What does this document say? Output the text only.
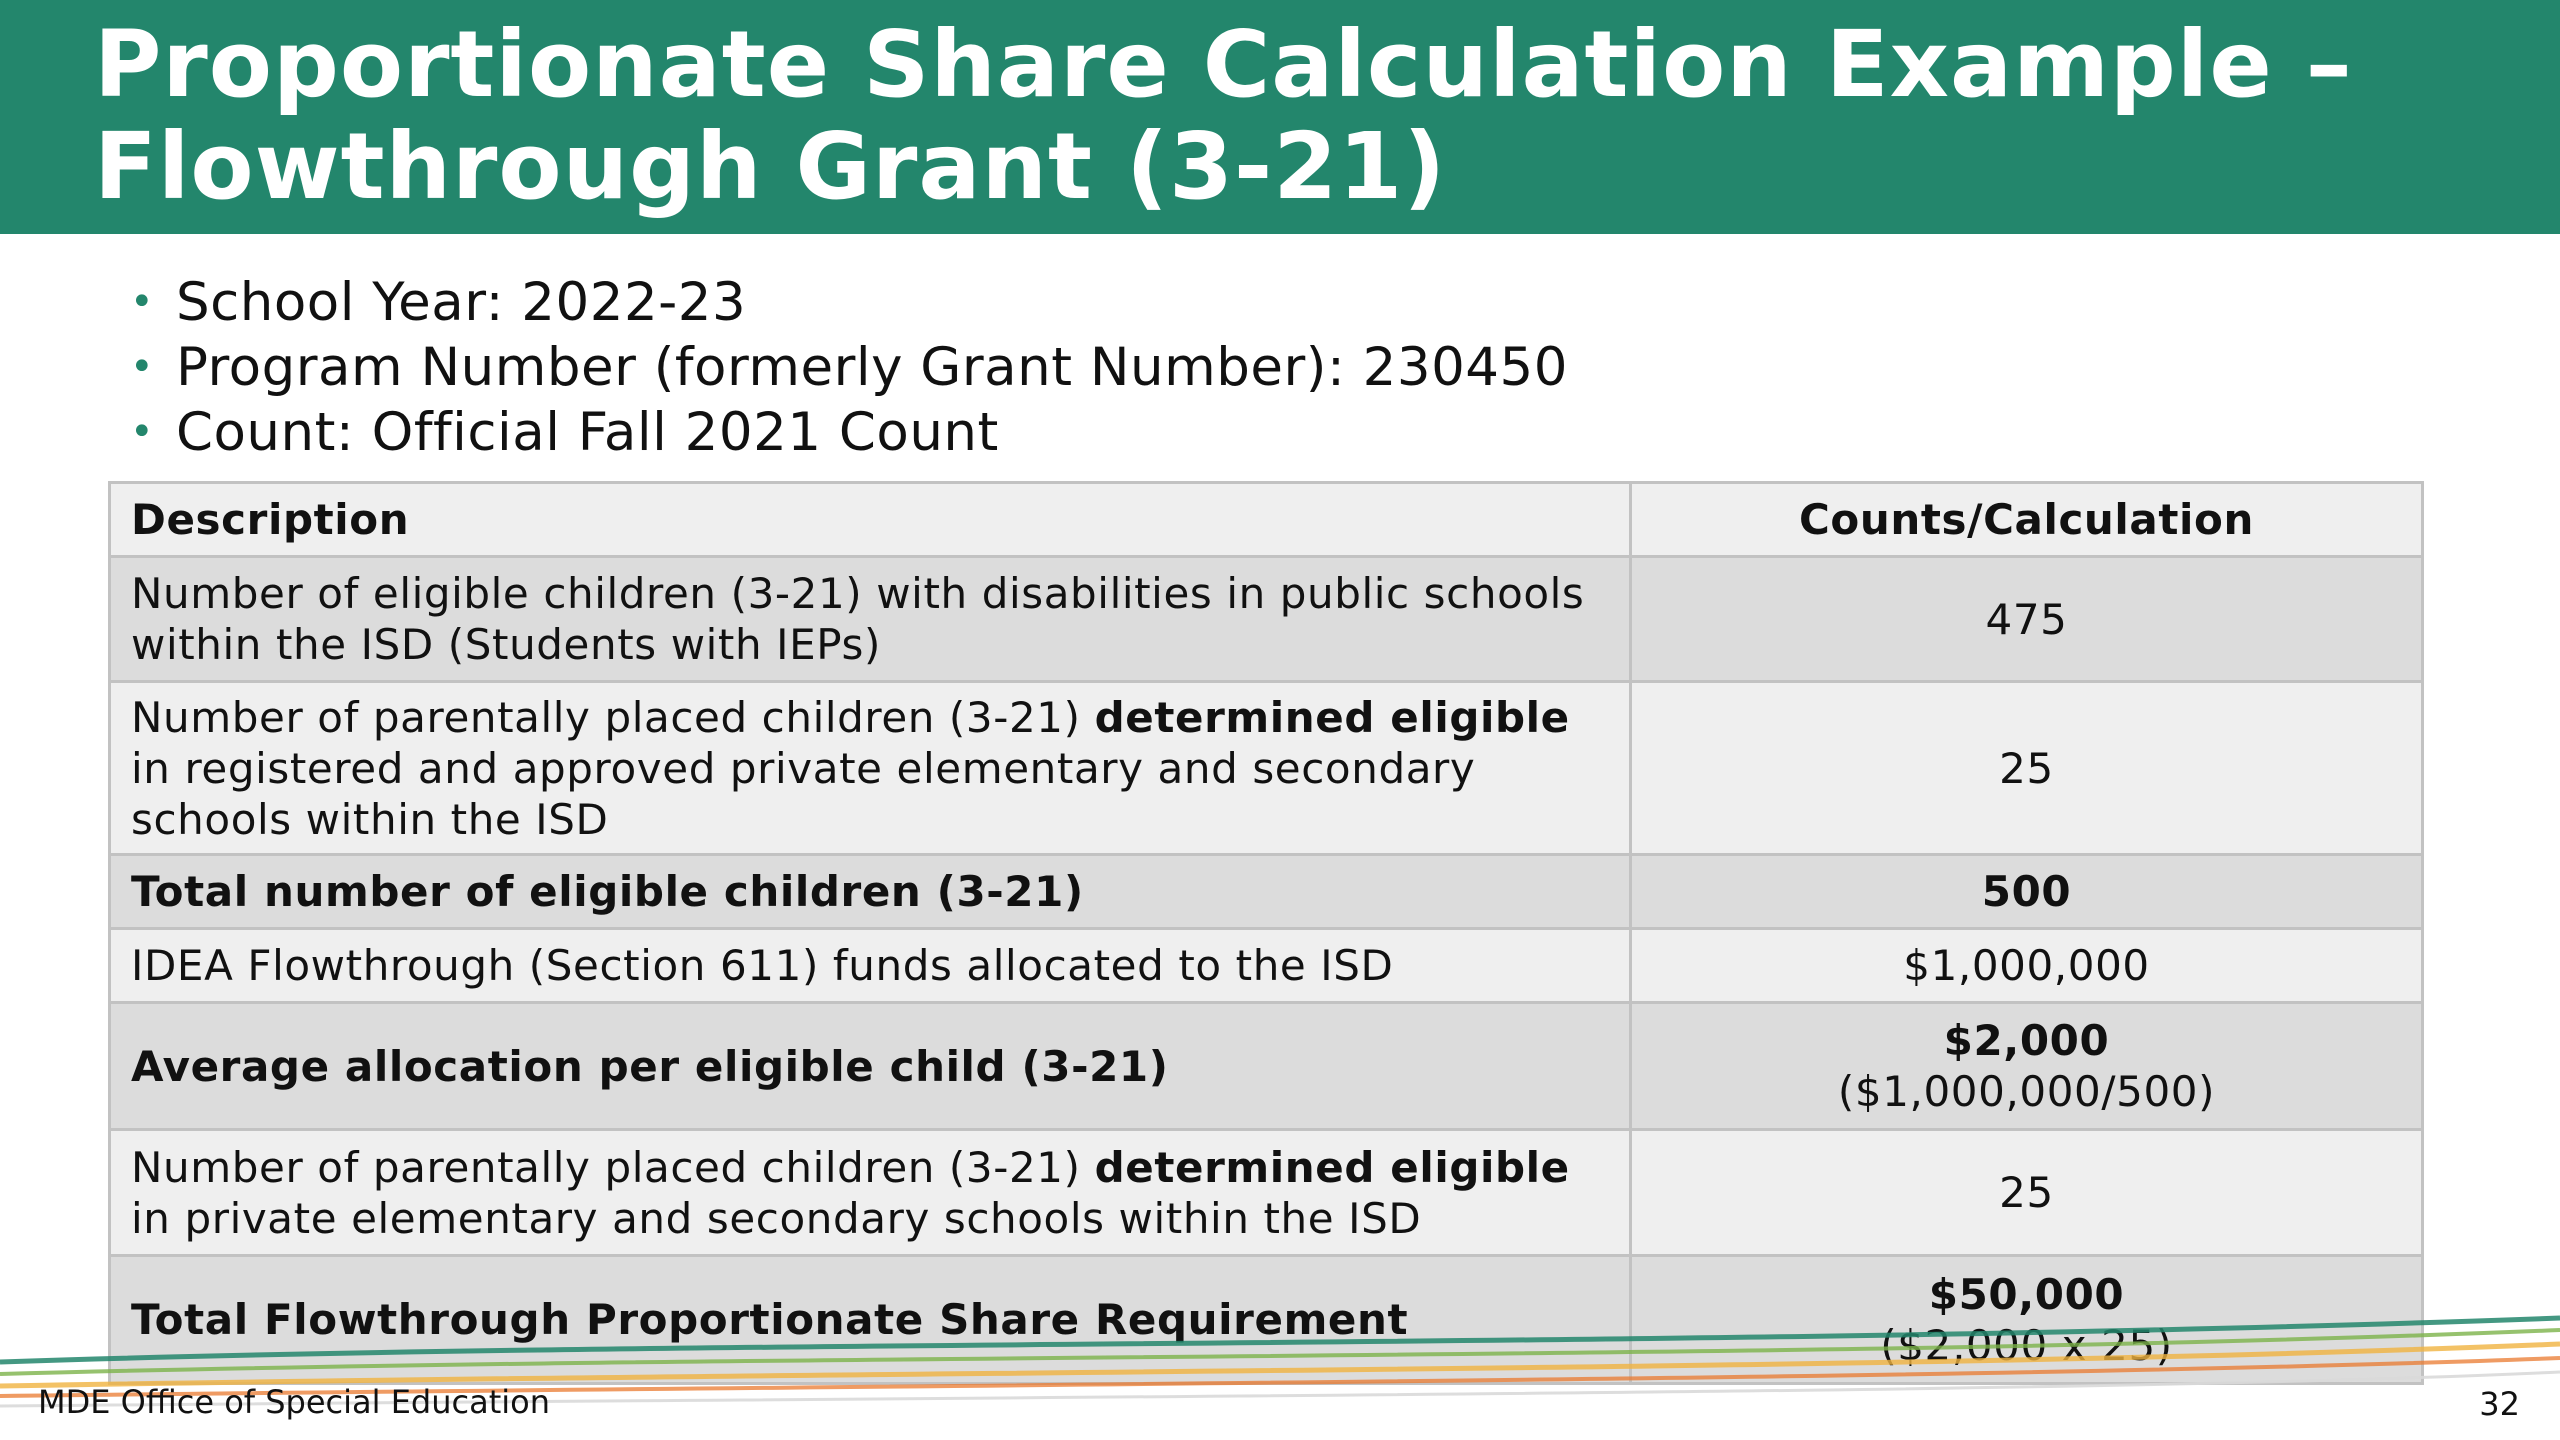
Proportionate Share Calculation Example –
Flowthrough Grant (3-21)
• School Year: 2022-23
• Program Number (formerly Grant Number): 230450
• Count: Official Fall 2021 Count
Description	Counts/Calculation
Number of eligible children (3-21) with disabilities in public schools within the ISD (Students with IEPs)	475
Number of parentally placed children (3-21) determined eligible in registered and approved private elementary and secondary schools within the ISD	25
Total number of eligible children (3-21)	500
IDEA Flowthrough (Section 611) funds allocated to the ISD	$1,000,000
Average allocation per eligible child (3-21)	$2,000
($1,000,000/500)

Number of parentally placed children (3-21) determined eligible in private elementary and secondary schools within the ISD	25
Total Flowthrough Proportionate Share Requirement	$50,000
($2,000 x 25)
MDE Office of Special Education	32
